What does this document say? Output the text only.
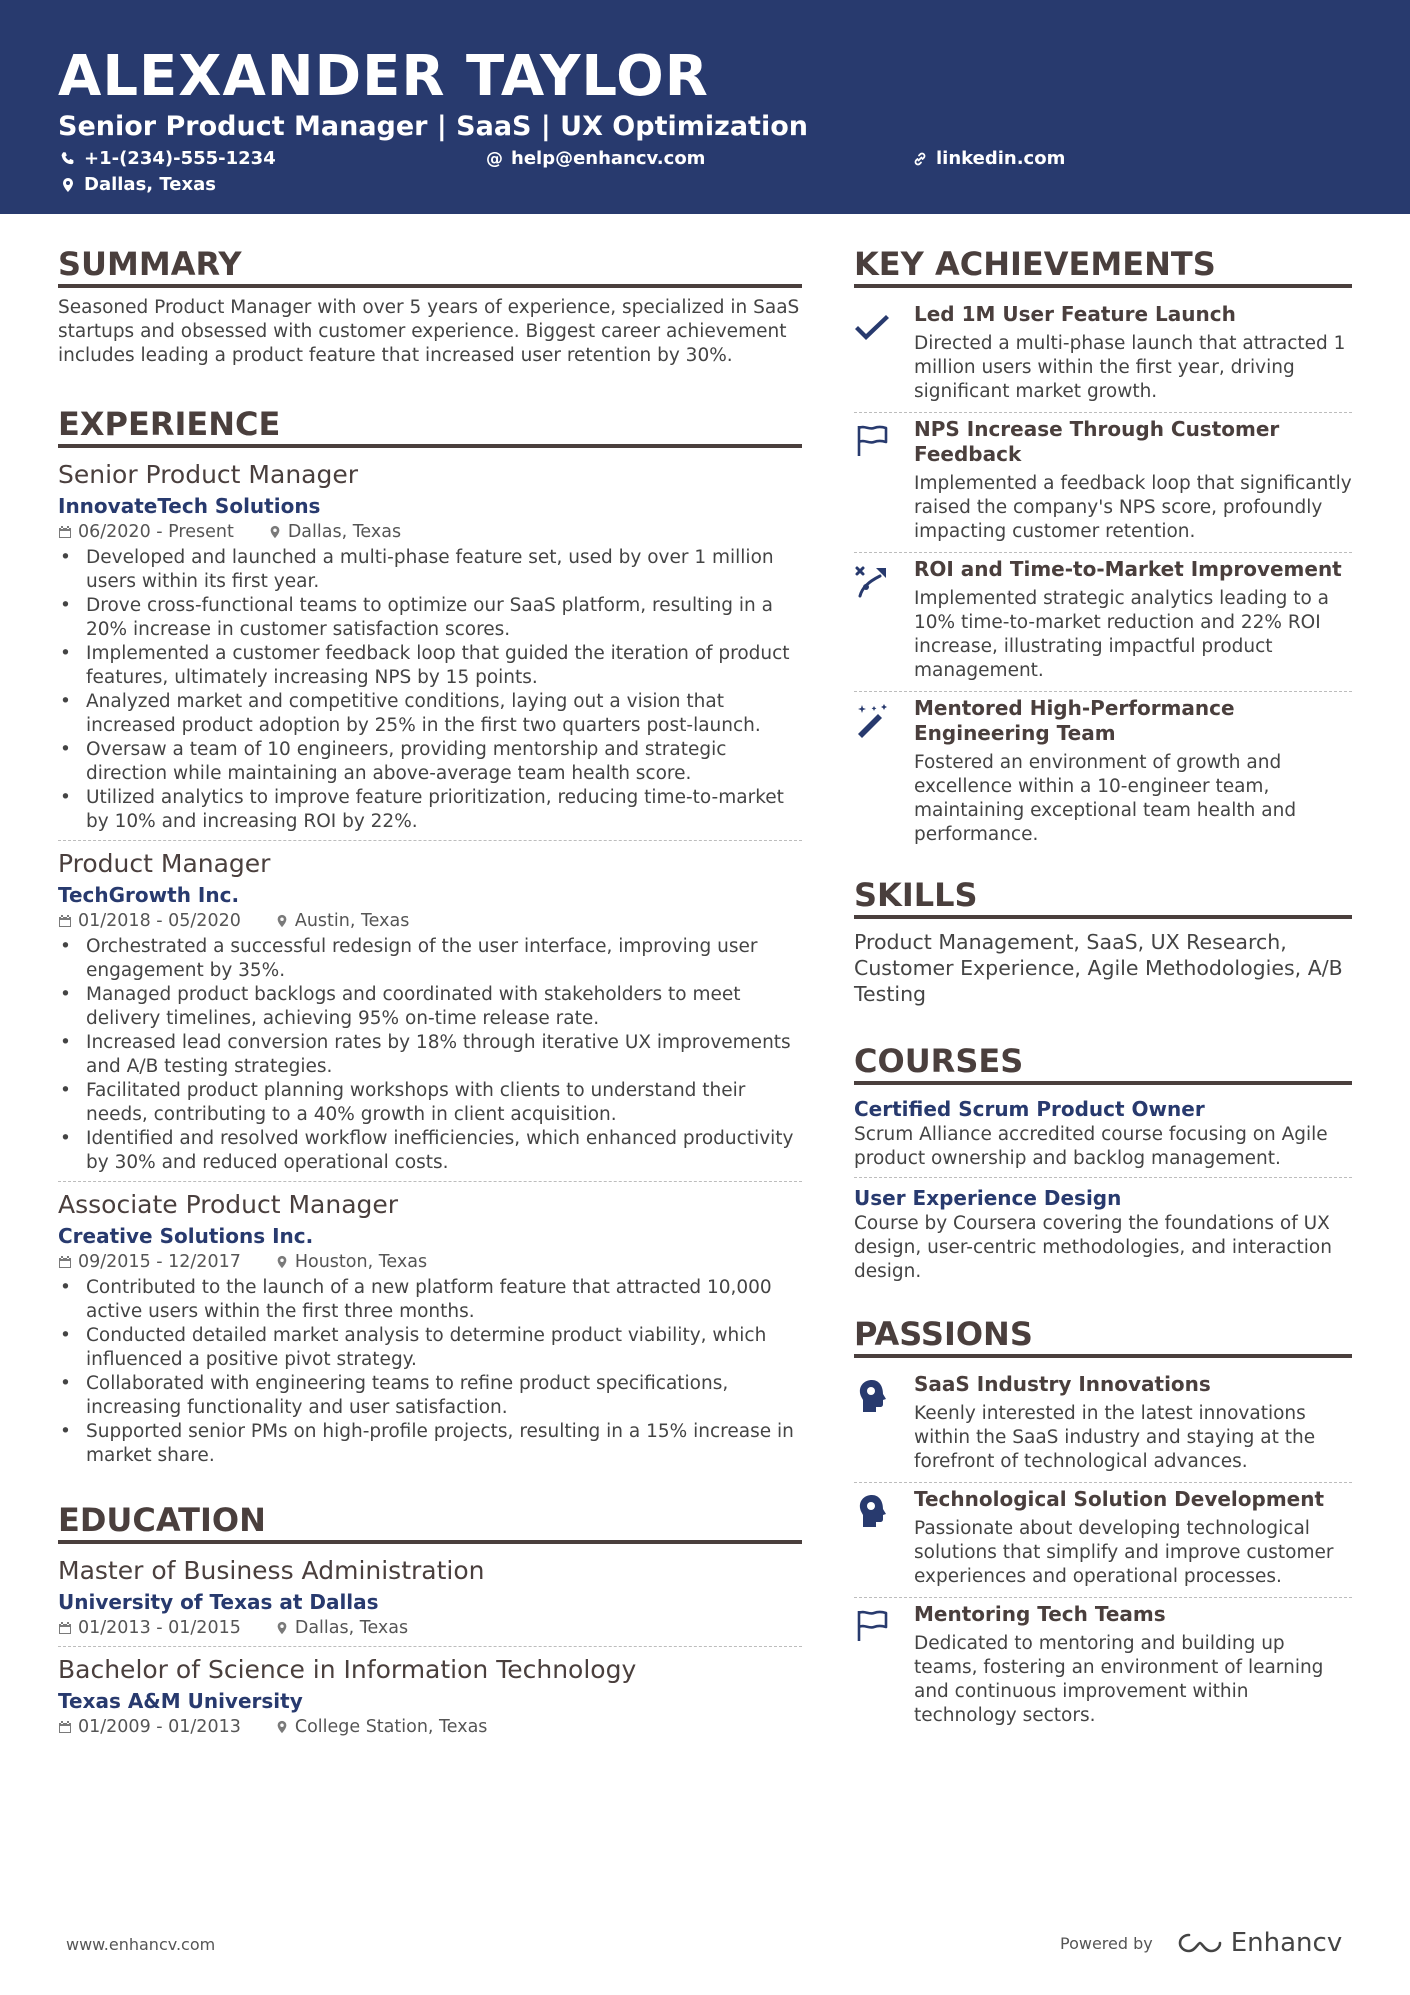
ALEXANDER TAYLOR
Senior Product Manager | SaaS | UX Optimization
+1-(234)-555-1234	@ help@enhancv.com	linkedin.com
Dallas, Texas
SUMMARY
Seasoned Product Manager with over 5 years of experience, specialized in SaaS startups and obsessed with customer experience. Biggest career achievement includes leading a product feature that increased user retention by 30%.
EXPERIENCE
Senior Product Manager
InnovateTech Solutions
06/2020 - Present	Dallas, Texas
• Developed and launched a multi-phase feature set, used by over 1 million users within its first year.
• Drove cross-functional teams to optimize our SaaS platform, resulting in a 20% increase in customer satisfaction scores.
• Implemented a customer feedback loop that guided the iteration of product features, ultimately increasing NPS by 15 points.
• Analyzed market and competitive conditions, laying out a vision that increased product adoption by 25% in the first two quarters post-launch.
• Oversaw a team of 10 engineers, providing mentorship and strategic direction while maintaining an above-average team health score.
• Utilized analytics to improve feature prioritization, reducing time-to-market by 10% and increasing ROI by 22%.
Product Manager
TechGrowth Inc.
01/2018 - 05/2020	Austin, Texas
• Orchestrated a successful redesign of the user interface, improving user engagement by 35%.
• Managed product backlogs and coordinated with stakeholders to meet delivery timelines, achieving 95% on-time release rate.
• Increased lead conversion rates by 18% through iterative UX improvements and A/B testing strategies.
• Facilitated product planning workshops with clients to understand their needs, contributing to a 40% growth in client acquisition.
• Identified and resolved workflow inefficiencies, which enhanced productivity by 30% and reduced operational costs.
Associate Product Manager
Creative Solutions Inc.
09/2015 - 12/2017	Houston, Texas
• Contributed to the launch of a new platform feature that attracted 10,000 active users within the first three months.
• Conducted detailed market analysis to determine product viability, which influenced a positive pivot strategy.
• Collaborated with engineering teams to refine product specifications, increasing functionality and user satisfaction.
• Supported senior PMs on high-profile projects, resulting in a 15% increase in market share.
EDUCATION
Master of Business Administration
University of Texas at Dallas
01/2013 - 01/2015	Dallas, Texas
Bachelor of Science in Information Technology
Texas A&M University
01/2009 - 01/2013	College Station, Texas
KEY ACHIEVEMENTS
Led 1M User Feature Launch
Directed a multi-phase launch that attracted 1 million users within the first year, driving significant market growth.
NPS Increase Through Customer Feedback
Implemented a feedback loop that significantly raised the company's NPS score, profoundly impacting customer retention.
ROI and Time-to-Market Improvement
Implemented strategic analytics leading to a 10% time-to-market reduction and 22% ROI increase, illustrating impactful product management.
Mentored High-Performance Engineering Team
Fostered an environment of growth and excellence within a 10-engineer team, maintaining exceptional team health and performance.
SKILLS
Product Management, SaaS, UX Research, Customer Experience, Agile Methodologies, A/B Testing
COURSES
Certified Scrum Product Owner
Scrum Alliance accredited course focusing on Agile product ownership and backlog management.
User Experience Design
Course by Coursera covering the foundations of UX design, user-centric methodologies, and interaction design.
PASSIONS
SaaS Industry Innovations
Keenly interested in the latest innovations within the SaaS industry and staying at the forefront of technological advances.
Technological Solution Development
Passionate about developing technological solutions that simplify and improve customer experiences and operational processes.
Mentoring Tech Teams
Dedicated to mentoring and building up teams, fostering an environment of learning and continuous improvement within technology sectors.
www.enhancv.com	Powered by	Enhancv
